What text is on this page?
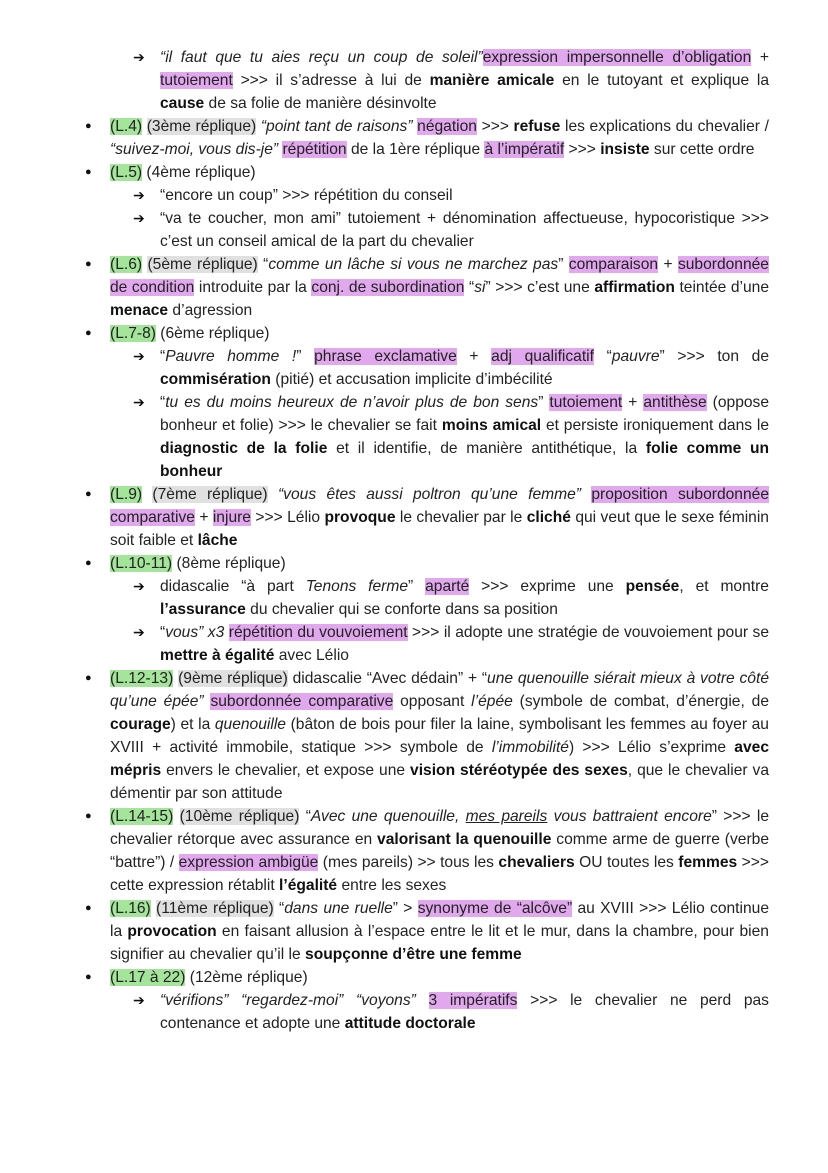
➔ “il faut que tu aies reçu un coup de soleil”expression impersonnelle d’obligation + tutoiement >>> il s’adresse à lui de manière amicale en le tutoyant et explique la cause de sa folie de manière désinvolte
● (L.4) (3ème réplique) “point tant de raisons” négation >>> refuse les explications du chevalier / “suivez-moi, vous dis-je” répétition de la 1ère réplique à l’impératif >>> insiste sur cette ordre
● (L.5) (4ème réplique)
➔ “encore un coup” >>> répétition du conseil
➔ “va te coucher, mon ami” tutoiement + dénomination affectueuse, hypocoristique >>> c’est un conseil amical de la part du chevalier
● (L.6) (5ème réplique) “comme un lâche si vous ne marchez pas” comparaison + subordonnée de condition introduite par la conj. de subordination “si” >>> c’est une affirmation teintée d’une menace d’agression
● (L.7-8) (6ème réplique)
➔ “Pauvre homme !” phrase exclamative + adj qualificatif “pauvre” >>> ton de commisération (pitié) et accusation implicite d’imbécilité
➔ “tu es du moins heureux de n’avoir plus de bon sens” tutoiement + antithèse (oppose bonheur et folie) >>> le chevalier se fait moins amical et persiste ironiquement dans le diagnostic de la folie et il identifie, de manière antithétique, la folie comme un bonheur
● (L.9) (7ème réplique) “vous êtes aussi poltron qu’une femme” proposition subordonnée comparative + injure >>> Lélio provoque le chevalier par le cliché qui veut que le sexe féminin soit faible et lâche
● (L.10-11) (8ème réplique)
➔ didascalie “à part Tenons ferme” aparté >>> exprime une pensée, et montre l’assurance du chevalier qui se conforte dans sa position
➔ “vous” x3 répétition du vouvoiement >>> il adopte une stratégie de vouvoiement pour se mettre à égalité avec Lélio
● (L.12-13) (9ème réplique) didascalie “Avec dédain” + “une quenouille siérait mieux à votre côté qu’une épée” subordonnée comparative opposant l’épée (symbole de combat, d’énergie, de courage) et la quenouille (bâton de bois pour filer la laine, symbolisant les femmes au foyer au XVIII + activité immobile, statique >>> symbole de l’immobilité) >>> Lélio s’exprime avec mépris envers le chevalier, et expose une vision stéréotypée des sexes, que le chevalier va démentir par son attitude
● (L.14-15) (10ème réplique) “Avec une quenouille, mes pareils vous battraient encore” >>> le chevalier rétorque avec assurance en valorisant la quenouille comme arme de guerre (verbe “battre”) / expression ambigüe (mes pareils) >> tous les chevaliers OU toutes les femmes >>> cette expression rétablit l’égalité entre les sexes
● (L.16) (11ème réplique) “dans une ruelle” > synonyme de “alcôve” au XVIII >>> Lélio continue la provocation en faisant allusion à l’espace entre le lit et le mur, dans la chambre, pour bien signifier au chevalier qu’il le soupçonne d’être une femme
● (L.17 à 22) (12ème réplique)
➔ “vérifions” “regardez-moi” “voyons” 3 impératifs >>> le chevalier ne perd pas contenance et adopte une attitude doctorale
